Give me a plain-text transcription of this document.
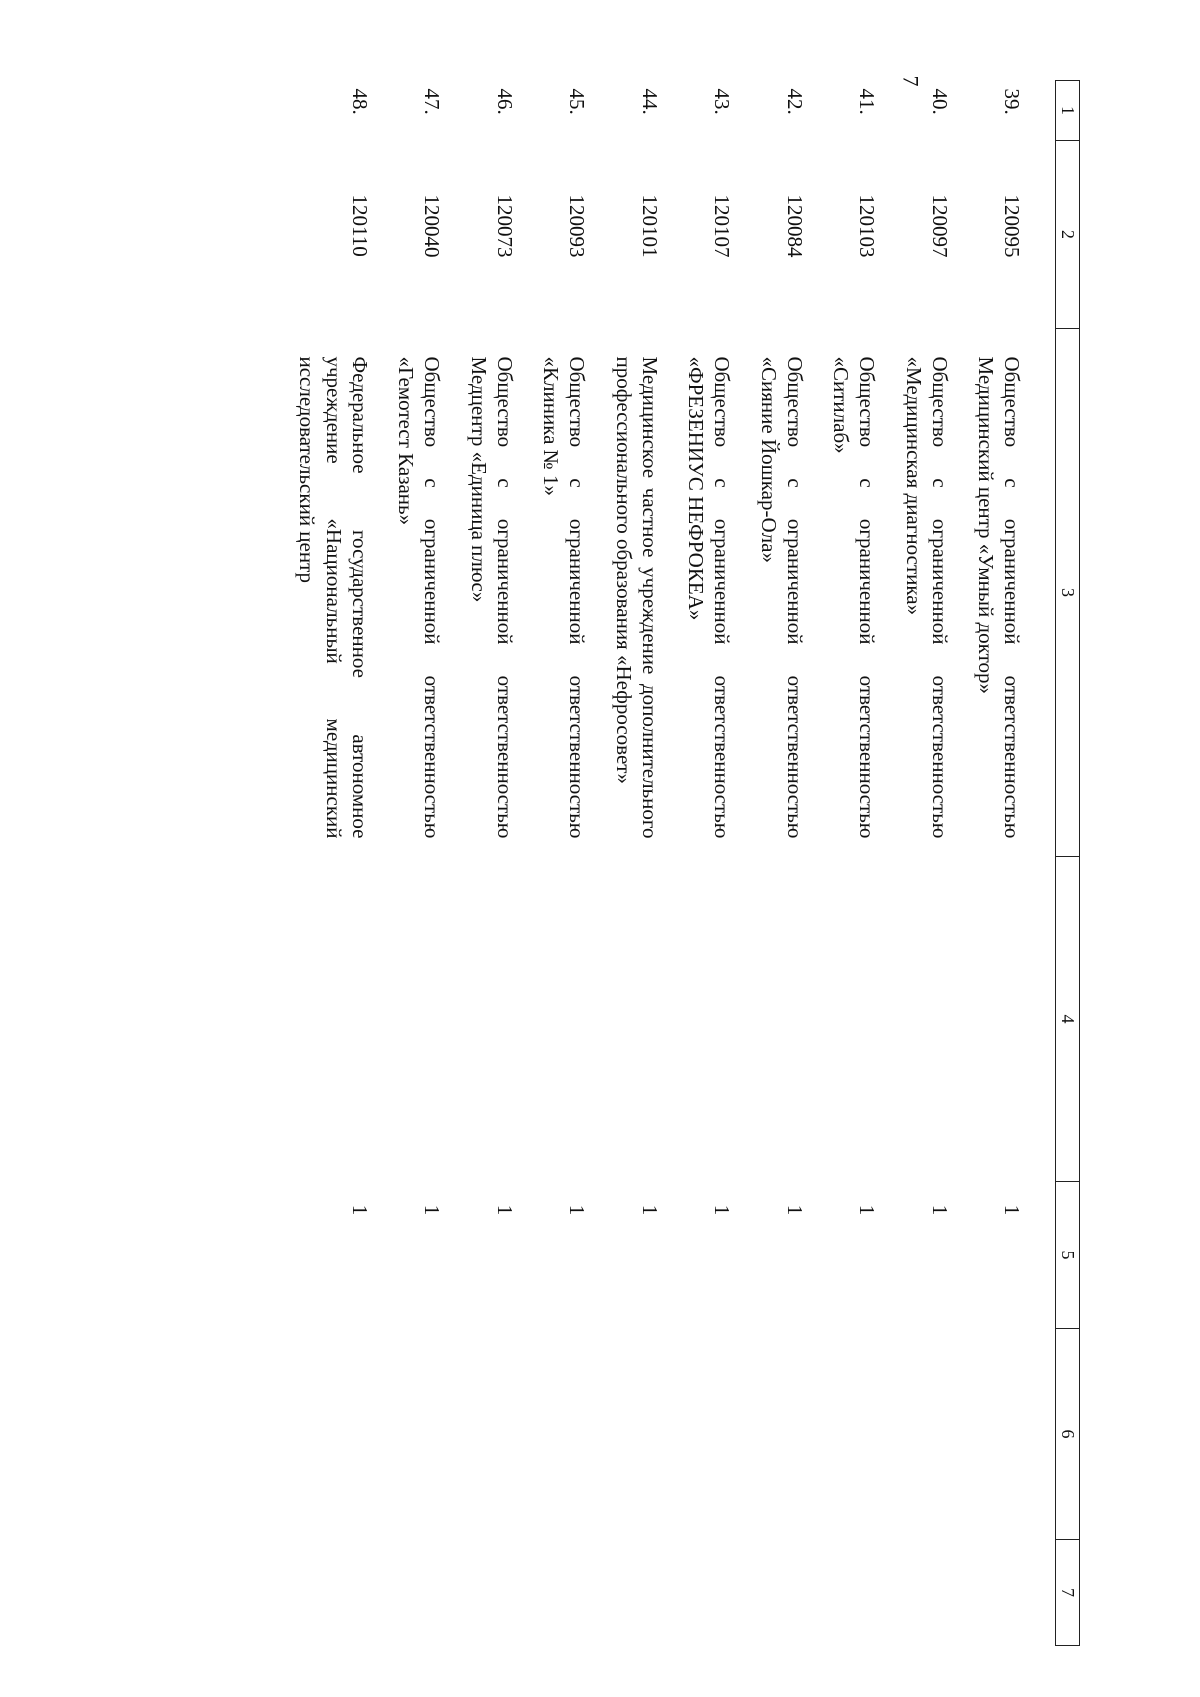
7
1	2	3	4	5	6	7
39.	120095	Общество с ограниченной ответственностью Медицинский центр «Умный доктор»		1		
40.	120097	Общество с ограниченной ответственностью «Медицинская диагностика»		1		
41.	120103	Общество с ограниченной ответственностью «Ситилаб»		1		
42.	120084	Общество с ограниченной ответственностью «Сияние Йошкар-Ола»		1		
43.	120107	Общество с ограниченной ответственностью «ФРЕЗЕНИУС НЕФРОКЕА»		1		
44.	120101	Медицинское частное учреждение дополнительного профессионального образования «Нефросовет»		1		
45.	120093	Общество с ограниченной ответственностью «Клиника № 1»		1		
46.	120073	Общество с ограниченной ответственностью Медцентр «Единица плюс»		1		
47.	120040	Общество с ограниченной ответственностью «Гемотест Казань»		1		
48.	120110	Федеральное государственное автономное учреждение «Национальный медицинский исследовательский центр		1		
